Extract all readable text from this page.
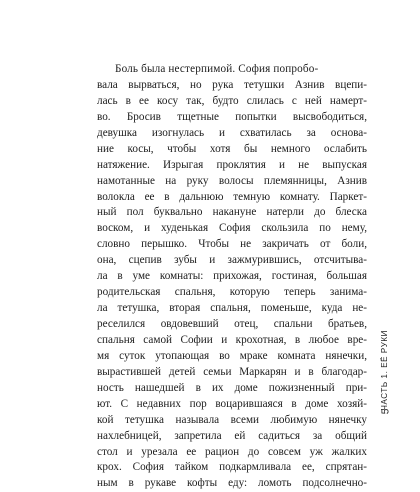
Боль была нестерпимой. София попробо-
вала вырваться, но рука тетушки Азнив вцепи-
лась в ее косу так, будто слилась с ней намерт-
во. Бросив тщетные попытки высвободиться,
девушка изогнулась и схватилась за основа-
ние косы, чтобы хотя бы немного ослабить
натяжение. Изрыгая проклятия и не выпуская
намотанные на руку волосы племянницы, Азнив
волокла ее в дальнюю темную комнату. Паркет-
ный пол буквально накануне натерли до блеска
воском, и худенькая София скользила по нему,
словно перышко. Чтобы не закричать от боли,
она, сцепив зубы и зажмурившись, отсчитыва-
ла в уме комнаты: прихожая, гостиная, большая
родительская спальня, которую теперь занима-
ла тетушка, вторая спальня, поменьше, куда не-
реселился овдовевший отец, спальни братьев,
спальня самой Софии и крохотная, в любое вре-
мя суток утопающая во мраке комната нянечки,
вырастившей детей семьи Маркарян и в благодар-
ность нашедшей в их доме пожизненный при-
ют. С недавних пор воцарившаяся в доме хозяй-
кой тетушка называла всеми любимую нянечку
нахлебницей, запретила ей садиться за общий
стол и урезала ее рацион до совсем уж жалких
крох. София тайком подкармливала ее, спрятан-
ным в рукаве кофты еду: ломоть подсолнечно-
ЧАСТЬ 1. ЕЁ РУКИ
5
